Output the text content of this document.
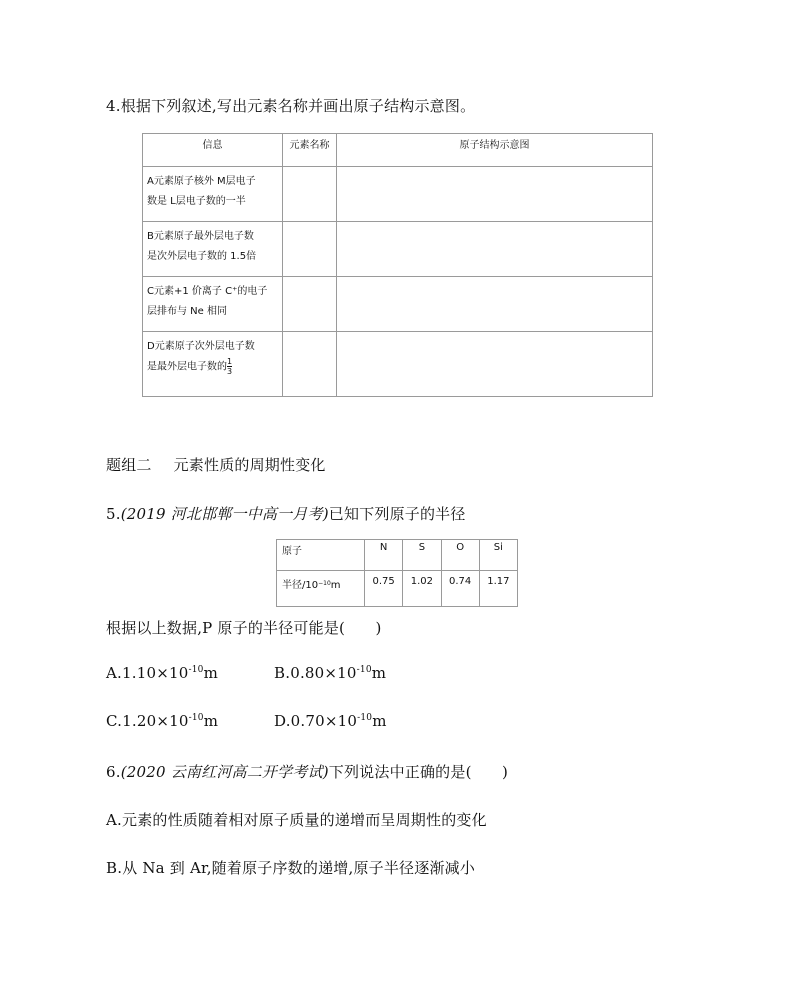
4.根据下列叙述,写出元素名称并画出原子结构示意图。
信息	元素名称	原子结构示意图

A元素原子核外 M层电子
数是 L层电子数的一半		

B元素原子最外层电子数
是次外层电子数的 1.5倍		

C元素+1 价离子 C⁺的电子
层排布与 Ne 相同		

D元素原子次外层电子数
是最外层电子数的 $\frac{1}{3}$

题组二 元素性质的周期性变化
5.(2019 河北邯郸一中高一月考)已知下列原子的半径
原子	N	S	O	Si
半径$/10^{-10}m$	0.75	1.02	0.74	1.17
根据以上数据,P 原子的半径可能是(　　)
$A.1.10\times 10^{-10}m$	$B.0.80\times 10^{-10}m$
$C.1.20\times 10^{-10}m$	$D.0.70\times 10^{-10}m$
6.(2020 云南红河高二开学考试)下列说法中正确的是(　　)
A.元素的性质随着相对原子质量的递增而呈周期性的变化
B.从 Na 到 Ar,随着原子序数的递增,原子半径逐渐减小
